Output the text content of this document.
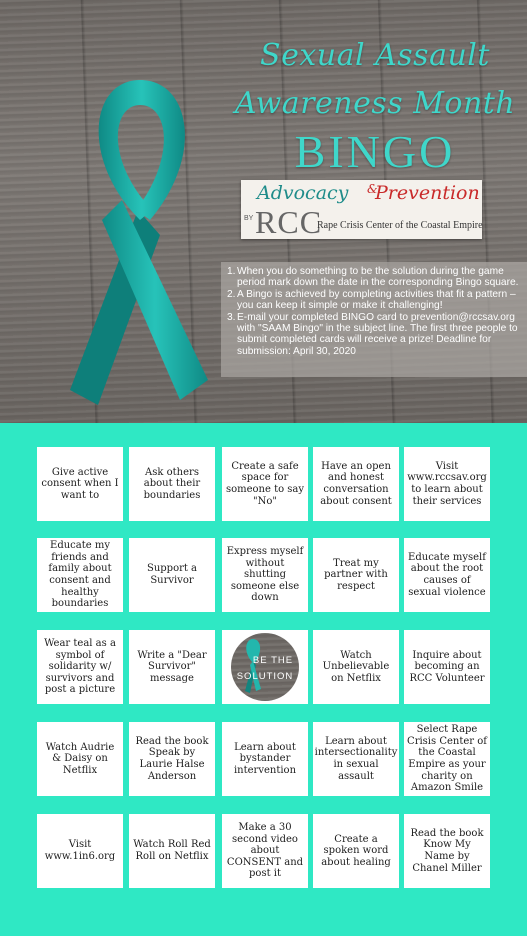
Sexual Assault
Awareness Month
BINGO
Advocacy &
Prevention
BY RCC
Rape Crisis Center of the Coastal Empire
1. When you do something to be the solution during the game period mark down the date in the corresponding Bingo square.
2. A Bingo is achieved by completing activities that fit a pattern – you can keep it simple or make it challenging!
3. E-mail your completed BINGO card to prevention@rccsav.org with "SAAM Bingo" in the subject line. The first three people to submit completed cards will receive a prize! Deadline for submission: April 30, 2020
Give active consent when I want to
Ask others about their boundaries
Create a safe space for someone to say "No"
Have an open and honest conversation about consent
Visit www.rccsav.org to learn about their services
Educate my friends and family about consent and healthy boundaries
Support a Survivor
Express myself without shutting someone else down
Treat my partner with respect
Educate myself about the root causes of sexual violence
Wear teal as a symbol of solidarity w/ survivors and post a picture
Write a "Dear Survivor" message
BE THE
SOLUTION
Watch Unbelievable on Netflix
Inquire about becoming an RCC Volunteer
Watch Audrie & Daisy on Netflix
Read the book Speak by Laurie Halse Anderson
Learn about bystander intervention
Learn about intersectionality in sexual assault
Select Rape Crisis Center of the Coastal Empire as your charity on Amazon Smile
Visit www.1in6.org
Watch Roll Red Roll on Netflix
Make a 30 second video about CONSENT and post it
Create a spoken word about healing
Read the book Know My Name by Chanel Miller
